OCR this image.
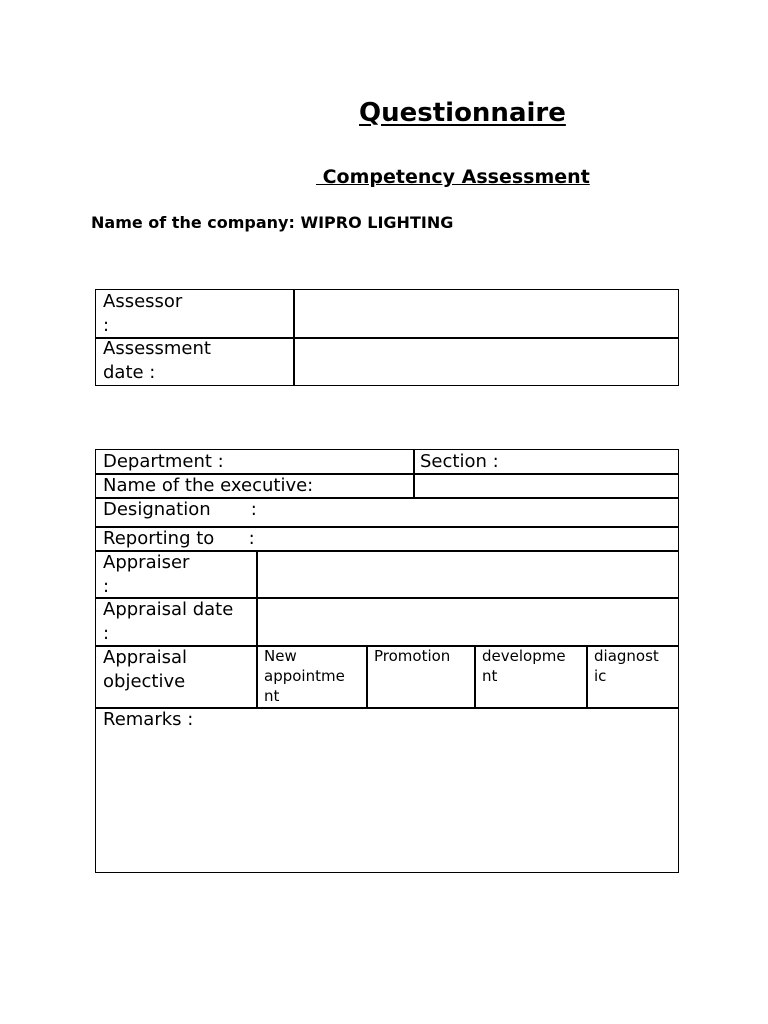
Questionnaire
Competency Assessment
Name of the company: WIPRO LIGHTING
Assessor
:
Assessment
date :
Department :	Section :
Name of the executive:
Designation       :
Reporting to      :
Appraiser
:
Appraisal date
:
Appraisal
objective
New
appointme
nt
Promotion	developme
nt
diagnost
ic
Remarks :
